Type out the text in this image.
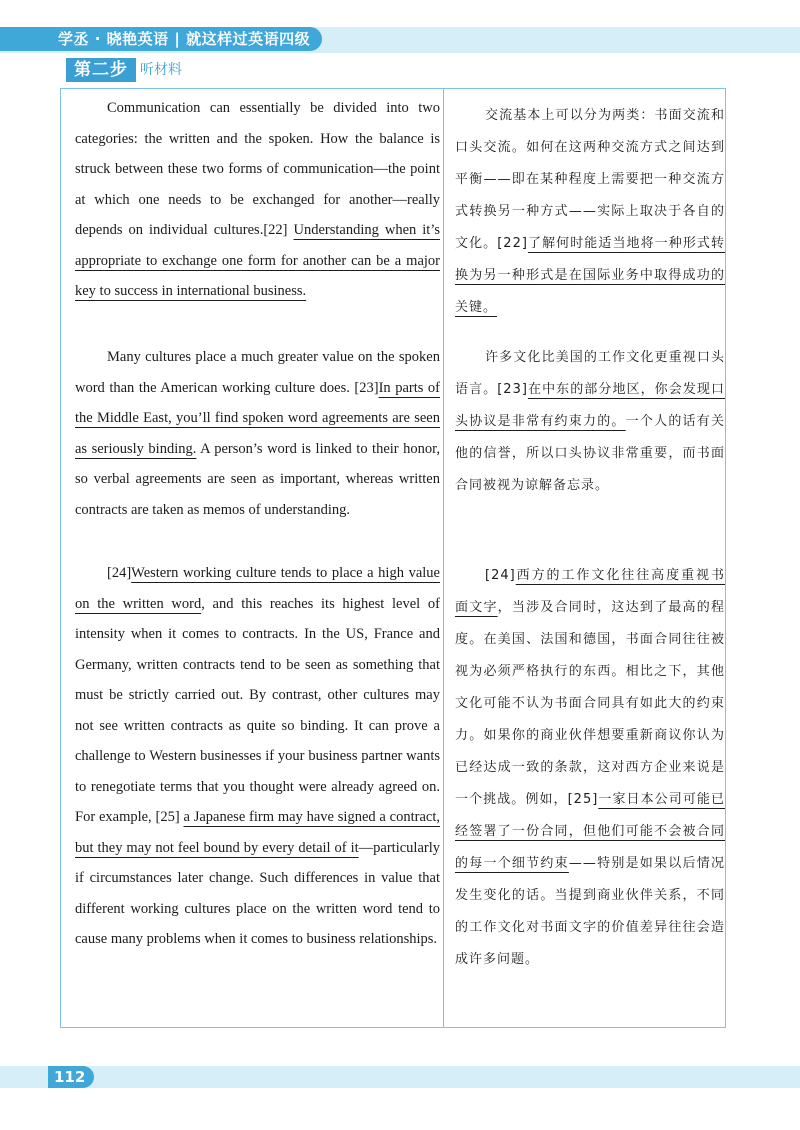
学丞 · 晓艳英语 | 就这样过英语四级
第二步 听材料

Communication can essentially be divided into two categories: the written and the spoken. How the balance is struck between these two forms of communication—the point at which one needs to be exchanged for another—really depends on individual cultures.[22] Understanding when it’s appropriate to exchange one form for another can be a major key to success in international business.

Many cultures place a much greater value on the spoken word than the American working culture does. [23]In parts of the Middle East, you’ll find spoken word agreements are seen as seriously binding. A person’s word is linked to their honor, so verbal agreements are seen as important, whereas written contracts are taken as memos of understanding.

[24]Western working culture tends to place a high value on the written word, and this reaches its highest level of intensity when it comes to contracts. In the US, France and Germany, written contracts tend to be seen as something that must be strictly carried out. By contrast, other cultures may not see written contracts as quite so binding. It can prove a challenge to Western businesses if your business partner wants to renegotiate terms that you thought were already agreed on. For example, [25] a Japanese firm may have signed a contract, but they may not feel bound by every detail of it—particularly if circumstances later change. Such differences in value that different working cultures place on the written word tend to cause many problems when it comes to business relationships.

交流基本上可以分为两类：书面交流和口头交流。如何在这两种交流方式之间达到平衡——即在某种程度上需要把一种交流方式转换另一种方式——实际上取决于各自的文化。[22]了解何时能适当地将一种形式转换为另一种形式是在国际业务中取得成功的关键。

许多文化比美国的工作文化更重视口头语言。[23]在中东的部分地区，你会发现口头协议是非常有约束力的。一个人的话有关他的信誉，所以口头协议非常重要，而书面合同被视为谅解备忘录。

[24]西方的工作文化往往高度重视书面文字，当涉及合同时，这达到了最高的程度。在美国、法国和德国，书面合同往往被视为必须严格执行的东西。相比之下，其他文化可能不认为书面合同具有如此大的约束力。如果你的商业伙伴想要重新商议你认为已经达成一致的条款，这对西方企业来说是一个挑战。例如，[25]一家日本公司可能已经签署了一份合同，但他们可能不会被合同的每一个细节约束——特别是如果以后情况发生变化的话。当提到商业伙伴关系，不同的工作文化对书面文字的价值差异往往会造成许多问题。

112
